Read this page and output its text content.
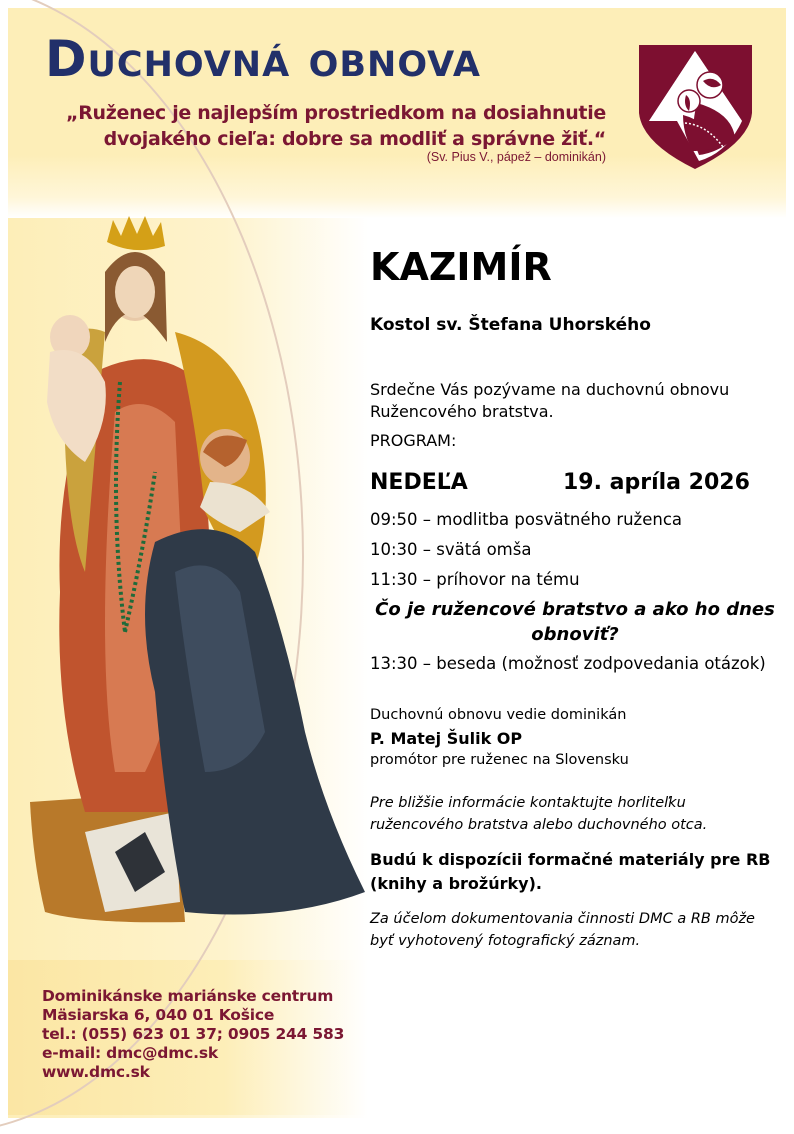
Duchovná obnova
„Ruženec je najlepším prostriedkom na dosiahnutie
dvojakého cieľa: dobre sa modliť a správne žiť.“
(Sv. Pius V., pápež – dominikán)
KAZIMÍR
Kostol sv. Štefana Uhorského
Srdečne Vás pozývame na duchovnú obnovu
Ružencového bratstva.
PROGRAM:
NEDEĽA	19. apríla 2026
09:50 – modlitba posvätného ruženca
10:30 – svätá omša
11:30 – príhovor na tému
Čo je ružencové bratstvo a ako ho dnes obnoviť?
13:30 – beseda (možnosť zodpovedania otázok)
Duchovnú obnovu vedie dominikán
P. Matej Šulik OP
promótor pre ruženec na Slovensku
Pre bližšie informácie kontaktujte horliteľku
ružencového bratstva alebo duchovného otca.
Budú k dispozícii formačné materiály pre RB
(knihy a brožúrky).
Za účelom dokumentovania činnosti DMC a RB môže
byť vyhotovený fotografický záznam.
Dominikánske mariánske centrum
Mäsiarska 6, 040 01 Košice
tel.: (055) 623 01 37; 0905 244 583
e-mail: dmc@dmc.sk
www.dmc.sk
